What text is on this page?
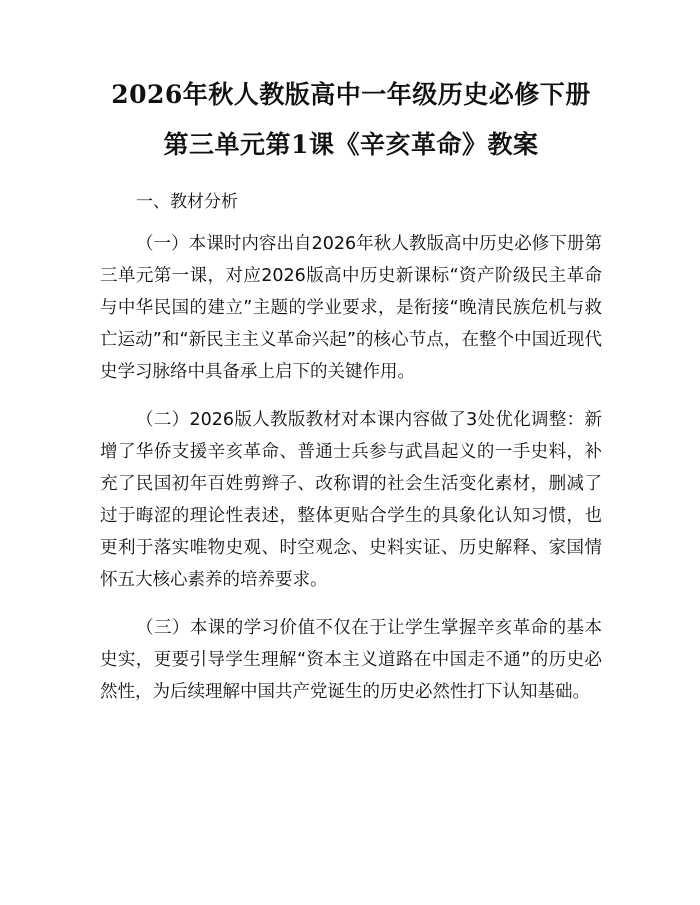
2026年秋人教版高中一年级历史必修下册第三单元第1课《辛亥革命》教案
一、教材分析

（一）本课时内容出自2026年秋人教版高中历史必修下册第三单元第一课，对应2026版高中历史新课标“资产阶级民主革命与中华民国的建立”主题的学业要求，是衔接“晚清民族危机与救亡运动”和“新民主主义革命兴起”的核心节点，在整个中国近现代史学习脉络中具备承上启下的关键作用。

（二）2026版人教版教材对本课内容做了3处优化调整：新增了华侨支援辛亥革命、普通士兵参与武昌起义的一手史料，补充了民国初年百姓剪辫子、改称谓的社会生活变化素材，删减了过于晦涩的理论性表述，整体更贴合学生的具象化认知习惯，也更利于落实唯物史观、时空观念、史料实证、历史解释、家国情怀五大核心素养的培养要求。

（三）本课的学习价值不仅在于让学生掌握辛亥革命的基本史实，更要引导学生理解“资本主义道路在中国走不通”的历史必然性，为后续理解中国共产党诞生的历史必然性打下认知基础。
